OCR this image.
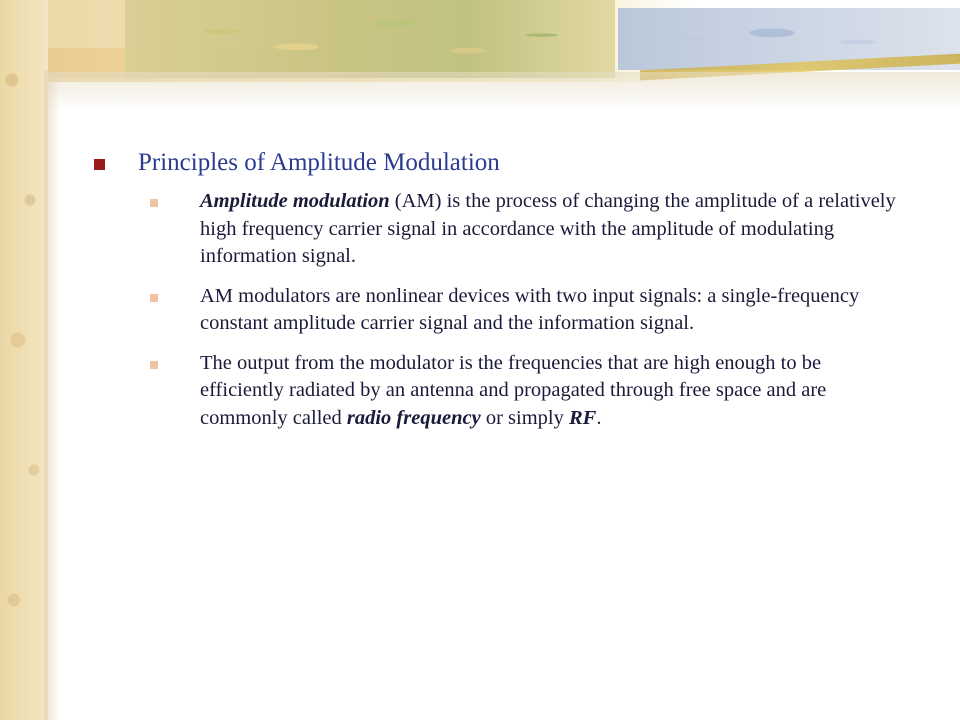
Principles of Amplitude Modulation
Amplitude modulation (AM) is the process of changing the amplitude of a relatively high frequency carrier signal in accordance with the amplitude of modulating information signal.
AM modulators are nonlinear devices with two input signals: a single-frequency constant amplitude carrier signal and the information signal.
The output from the modulator is the frequencies that are high enough to be efficiently radiated by an antenna and propagated through free space and are commonly called radio frequency or simply RF.
